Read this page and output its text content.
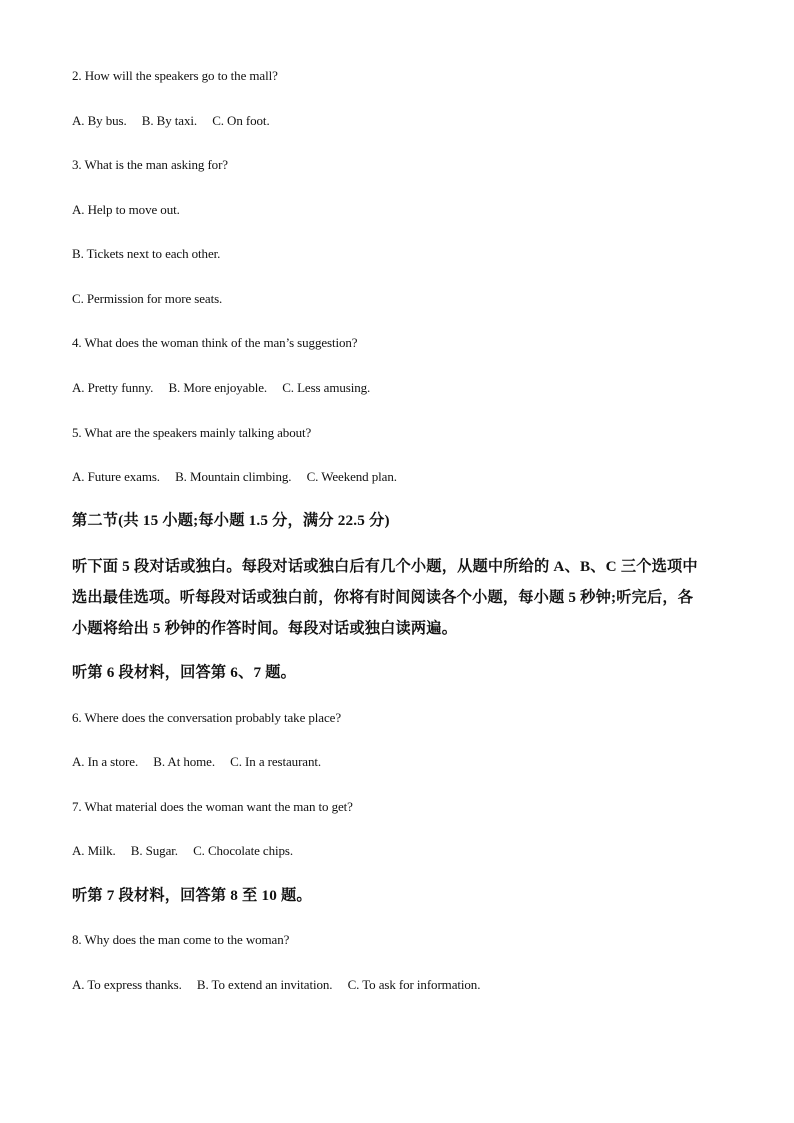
2. How will the speakers go to the mall?
A. By bus. B. By taxi. C. On foot.
3. What is the man asking for?
A. Help to move out.
B. Tickets next to each other.
C. Permission for more seats.
4. What does the woman think of the man’s suggestion?
A. Pretty funny. B. More enjoyable. C. Less amusing.
5. What are the speakers mainly talking about?
A. Future exams. B. Mountain climbing. C. Weekend plan.
第二节(共 15 小题;每小题 1.5 分，满分 22.5 分)
听下面 5 段对话或独白。每段对话或独白后有几个小题，从题中所给的 A、B、C 三个选项中
选出最佳选项。听每段对话或独白前，你将有时间阅读各个小题，每小题 5 秒钟;听完后，各
小题将给出 5 秒钟的作答时间。每段对话或独白读两遍。
听第 6 段材料，回答第 6、7 题。
6. Where does the conversation probably take place?
A. In a store. B. At home. C. In a restaurant.
7. What material does the woman want the man to get?
A. Milk. B. Sugar. C. Chocolate chips.
听第 7 段材料，回答第 8 至 10 题。
8. Why does the man come to the woman?
A. To express thanks. B. To extend an invitation. C. To ask for information.
